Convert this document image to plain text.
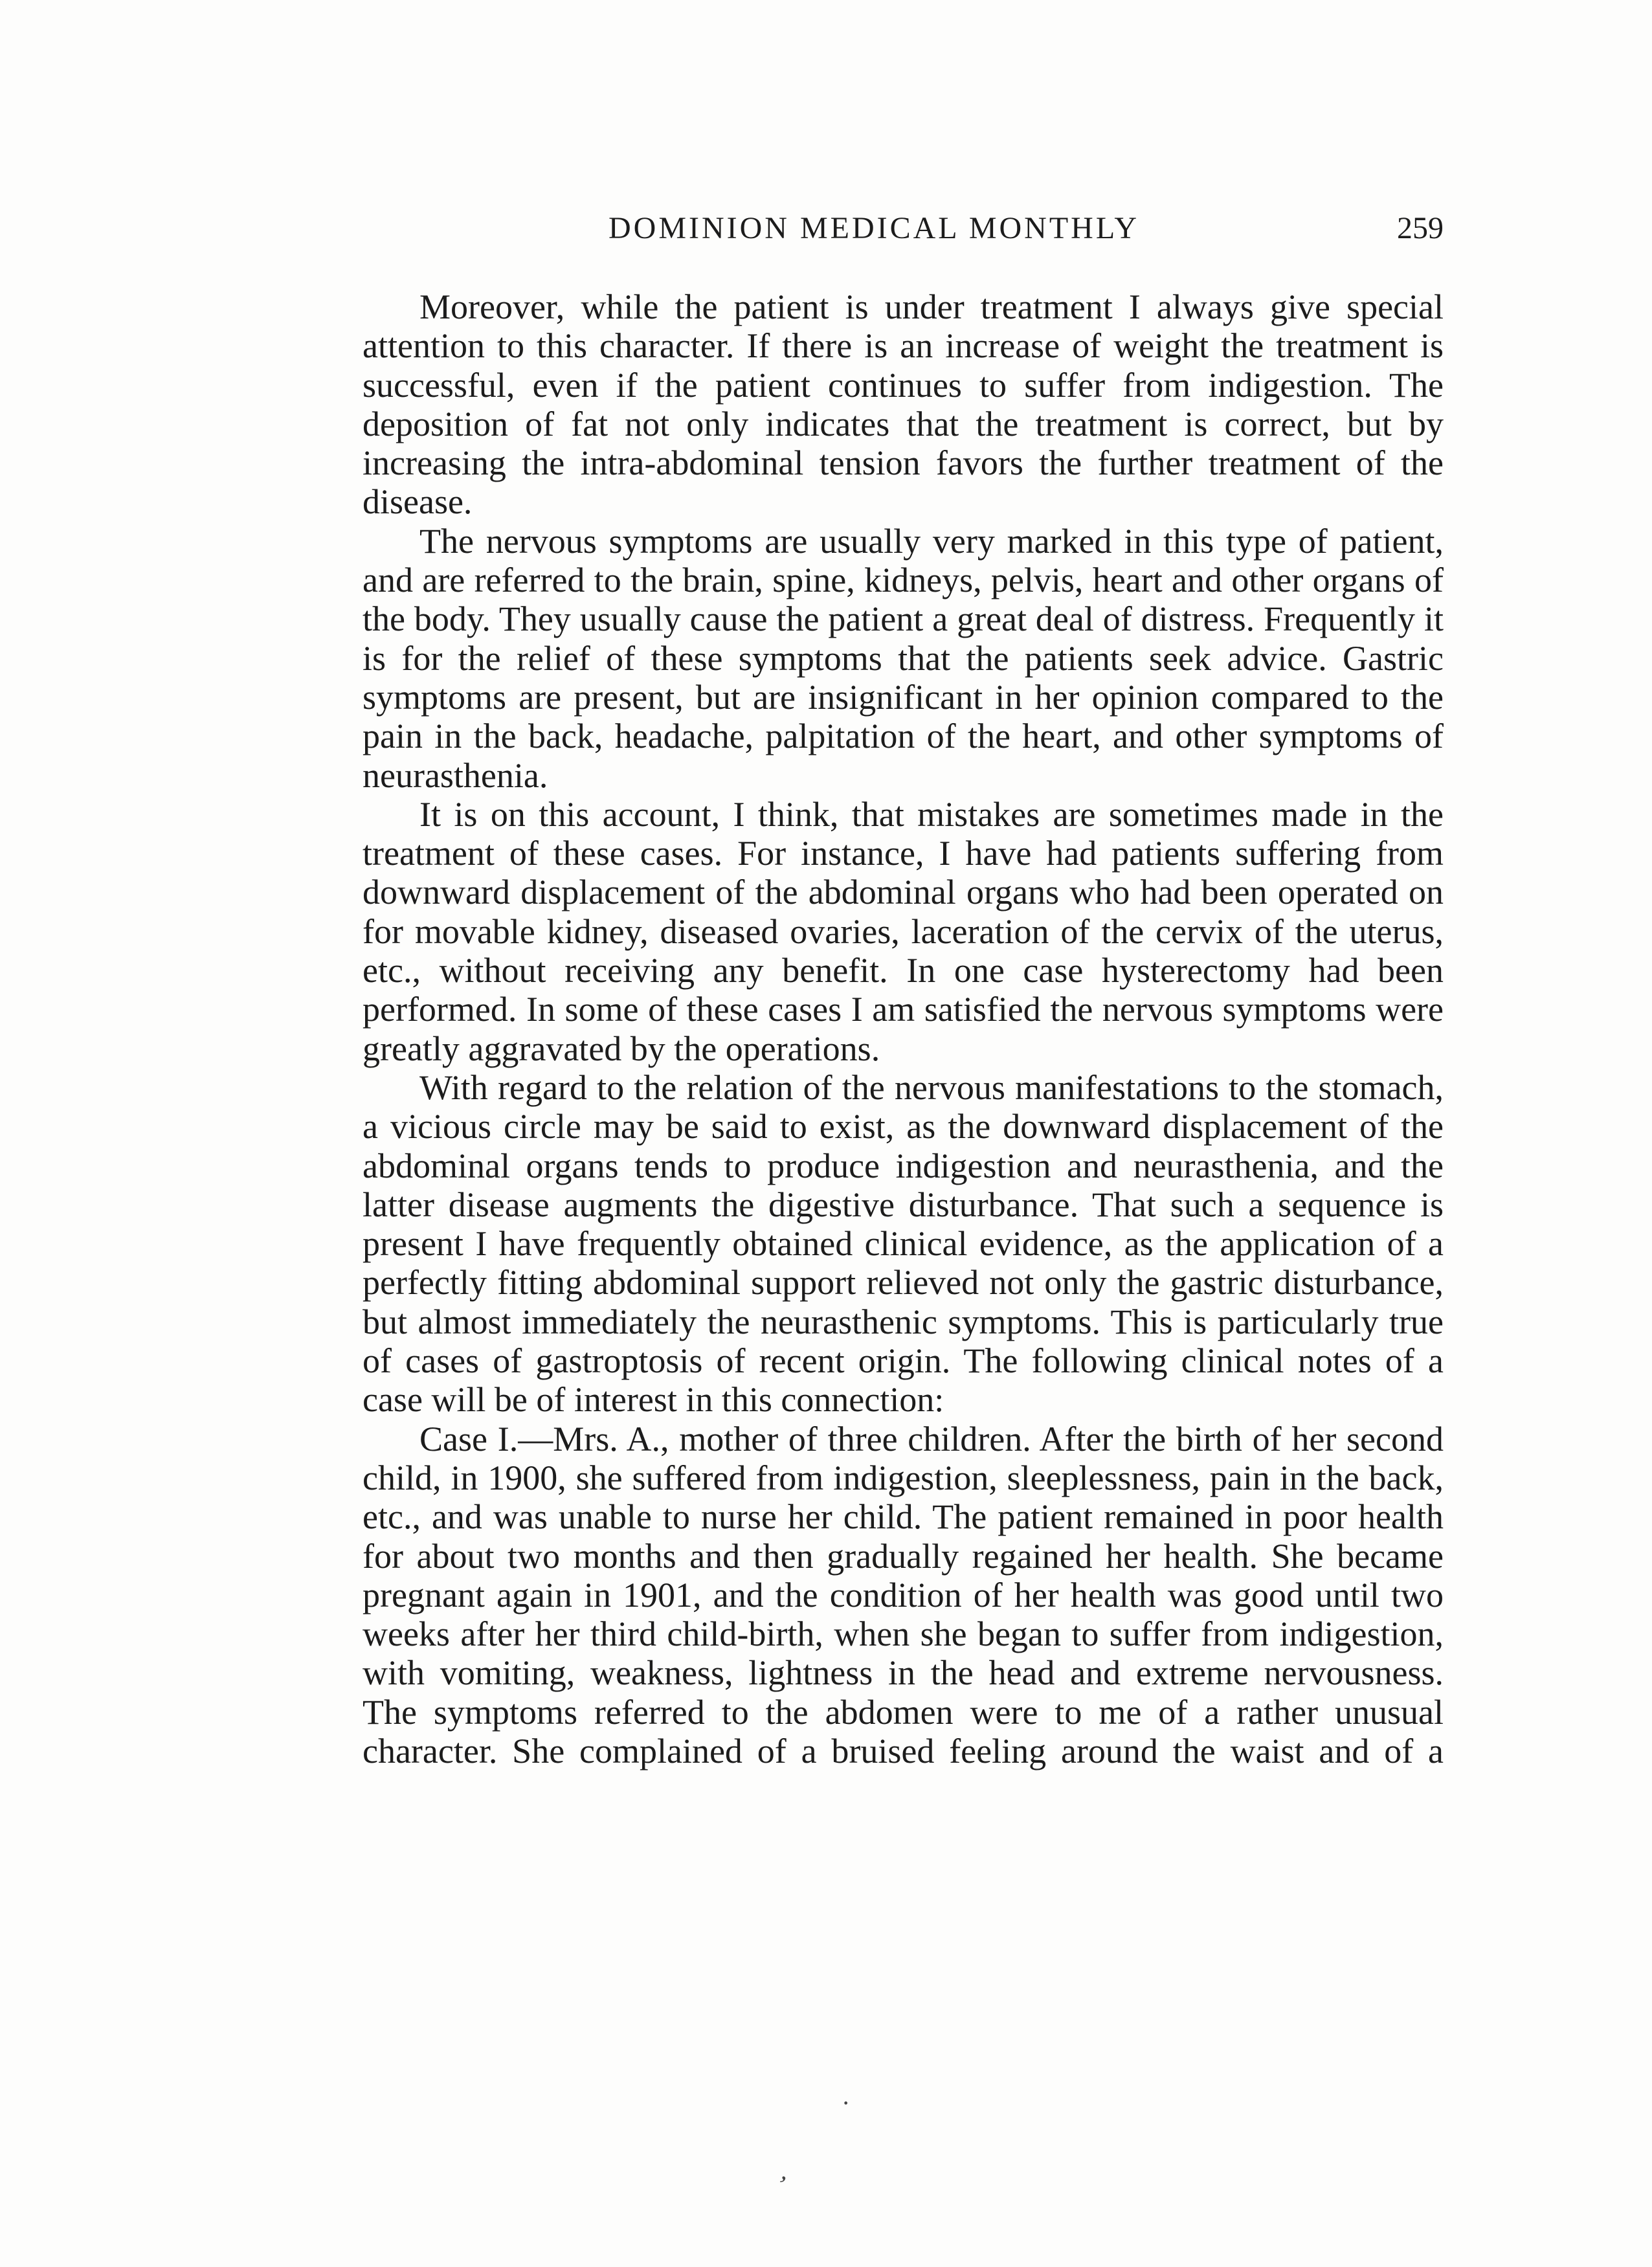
DOMINION MEDICAL MONTHLY	259

Moreover, while the patient is under treatment I always give special attention to this character. If there is an increase of weight the treatment is successful, even if the patient continues to suffer from indigestion. The deposition of fat not only indicates that the treatment is correct, but by increasing the intra-abdominal tension favors the further treatment of the disease.

The nervous symptoms are usually very marked in this type of patient, and are referred to the brain, spine, kidneys, pelvis, heart and other organs of the body. They usually cause the patient a great deal of distress. Frequently it is for the relief of these symptoms that the patients seek advice. Gastric symptoms are present, but are insignificant in her opinion compared to the pain in the back, headache, palpitation of the heart, and other symptoms of neurasthenia.

It is on this account, I think, that mistakes are sometimes made in the treatment of these cases. For instance, I have had patients suffering from downward displacement of the abdominal organs who had been operated on for movable kidney, diseased ovaries, laceration of the cervix of the uterus, etc., without receiving any benefit. In one case hysterectomy had been performed. In some of these cases I am satisfied the nervous symptoms were greatly aggravated by the operations.

With regard to the relation of the nervous manifestations to the stomach, a vicious circle may be said to exist, as the downward displacement of the abdominal organs tends to produce indigestion and neurasthenia, and the latter disease augments the digestive disturbance. That such a sequence is present I have frequently obtained clinical evidence, as the application of a perfectly fitting abdominal support relieved not only the gastric disturbance, but almost immediately the neurasthenic symptoms. This is particularly true of cases of gastroptosis of recent origin. The following clinical notes of a case will be of interest in this connection:

Case I.—Mrs. A., mother of three children. After the birth of her second child, in 1900, she suffered from indigestion, sleeplessness, pain in the back, etc., and was unable to nurse her child. The patient remained in poor health for about two months and then gradually regained her health. She became pregnant again in 1901, and the condition of her health was good until two weeks after her third child-birth, when she began to suffer from indigestion, with vomiting, weakness, lightness in the head and extreme nervousness. The symptoms referred to the abdomen were to me of a rather unusual character. She complained of a bruised feeling around the waist and of a

·
,
